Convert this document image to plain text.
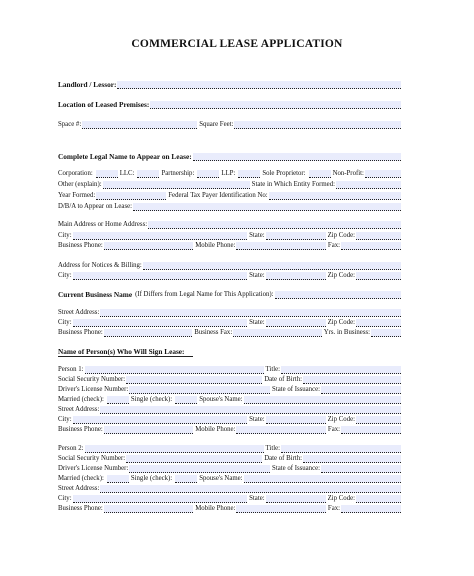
COMMERCIAL LEASE APPLICATION
Landlord / Lessor:
Location of Leased Premises:
Space #:	Square Feet:
Complete Legal Name to Appear on Lease:
Corporation:	LLC:	Partnership:	LLP:	Sole Proprietor:	Non-Profit:
Other (explain):	State in Which Entity Formed:
Year Formed:	Federal Tax Payer Identification No:
D/B/A to Appear on Lease:
Main Address or Home Address:
City:	State:	Zip Code:
Business Phone:	Mobile Phone:	Fax:
Address for Notices & Billing:
City:	State:	Zip Code:
Current Business Name (If Differs from Legal Name for This Application):
Street Address:
City:	State:	Zip Code:
Business Phone:	Business Fax:	Yrs. in Business:
Name of Person(s) Who Will Sign Lease:
Person 1:	Title:
Social Security Number:	Date of Birth:
Driver's License Number:	State of Issuance:
Married (check):	Single (check):	Spouse's Name:
Street Address:
City:	State:	Zip Code:
Business Phone:	Mobile Phone:	Fax:
Person 2:	Title:
Social Security Number:	Date of Birth:
Driver's License Number:	State of Issuance:
Married (check):	Single (check):	Spouse's Name:
Street Address:
City:	State:	Zip Code:
Business Phone:	Mobile Phone:	Fax:
